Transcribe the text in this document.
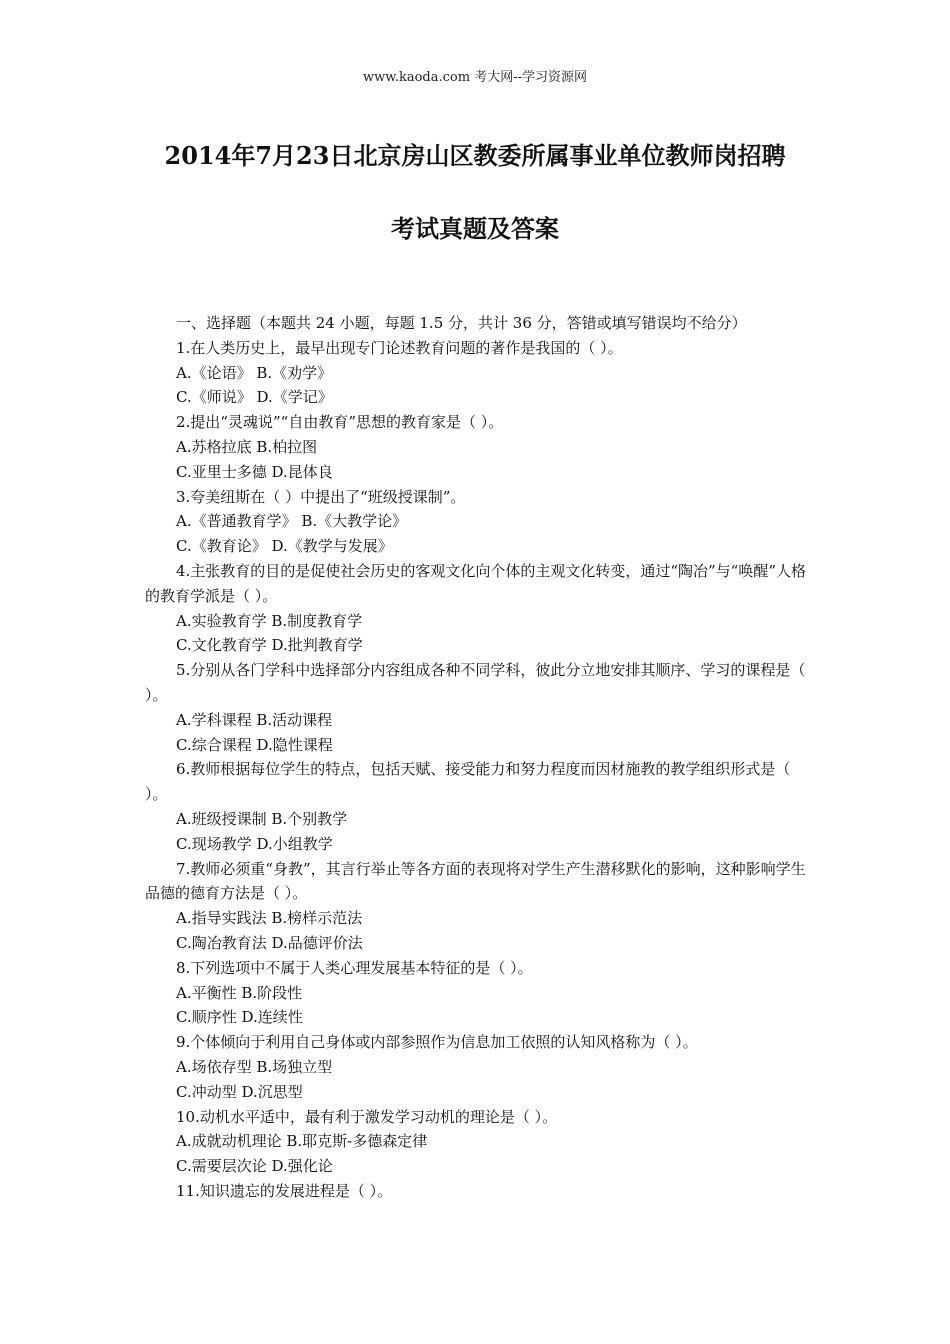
www.kaoda.com 考大网--学习资源网
2014年7月23日北京房山区教委所属事业单位教师岗招聘
考试真题及答案

一、选择题（本题共 24 小题，每题 1.5 分，共计 36 分，答错或填写错误均不给分）

1.在人类历史上，最早出现专门论述教育问题的著作是我国的（ ）。

A.《论语》 B.《劝学》

C.《师说》 D.《学记》

2.提出“灵魂说”“自由教育”思想的教育家是（ ）。

A.苏格拉底 B.柏拉图

C.亚里士多德 D.昆体良

3.夸美纽斯在（ ）中提出了“班级授课制”。

A.《普通教育学》 B.《大教学论》

C.《教育论》 D.《教学与发展》

4.主张教育的目的是促使社会历史的客观文化向个体的主观文化转变，通过“陶冶”与“唤醒”人格的教育学派是（ ）。

A.实验教育学 B.制度教育学

C.文化教育学 D.批判教育学

5.分别从各门学科中选择部分内容组成各种不同学科，彼此分立地安排其顺序、学习的课程是（ ）。

A.学科课程 B.活动课程

C.综合课程 D.隐性课程

6.教师根据每位学生的特点，包括天赋、接受能力和努力程度而因材施教的教学组织形式是（ ）。

A.班级授课制 B.个别教学

C.现场教学 D.小组教学

7.教师必须重“身教”，其言行举止等各方面的表现将对学生产生潜移默化的影响，这种影响学生品德的德育方法是（ ）。

A.指导实践法 B.榜样示范法

C.陶冶教育法 D.品德评价法

8.下列选项中不属于人类心理发展基本特征的是（ ）。

A.平衡性 B.阶段性

C.顺序性 D.连续性

9.个体倾向于利用自己身体或内部参照作为信息加工依照的认知风格称为（ ）。

A.场依存型 B.场独立型

C.冲动型 D.沉思型

10.动机水平适中，最有利于激发学习动机的理论是（ ）。

A.成就动机理论 B.耶克斯-多德森定律

C.需要层次论 D.强化论

11.知识遗忘的发展进程是（ ）。
